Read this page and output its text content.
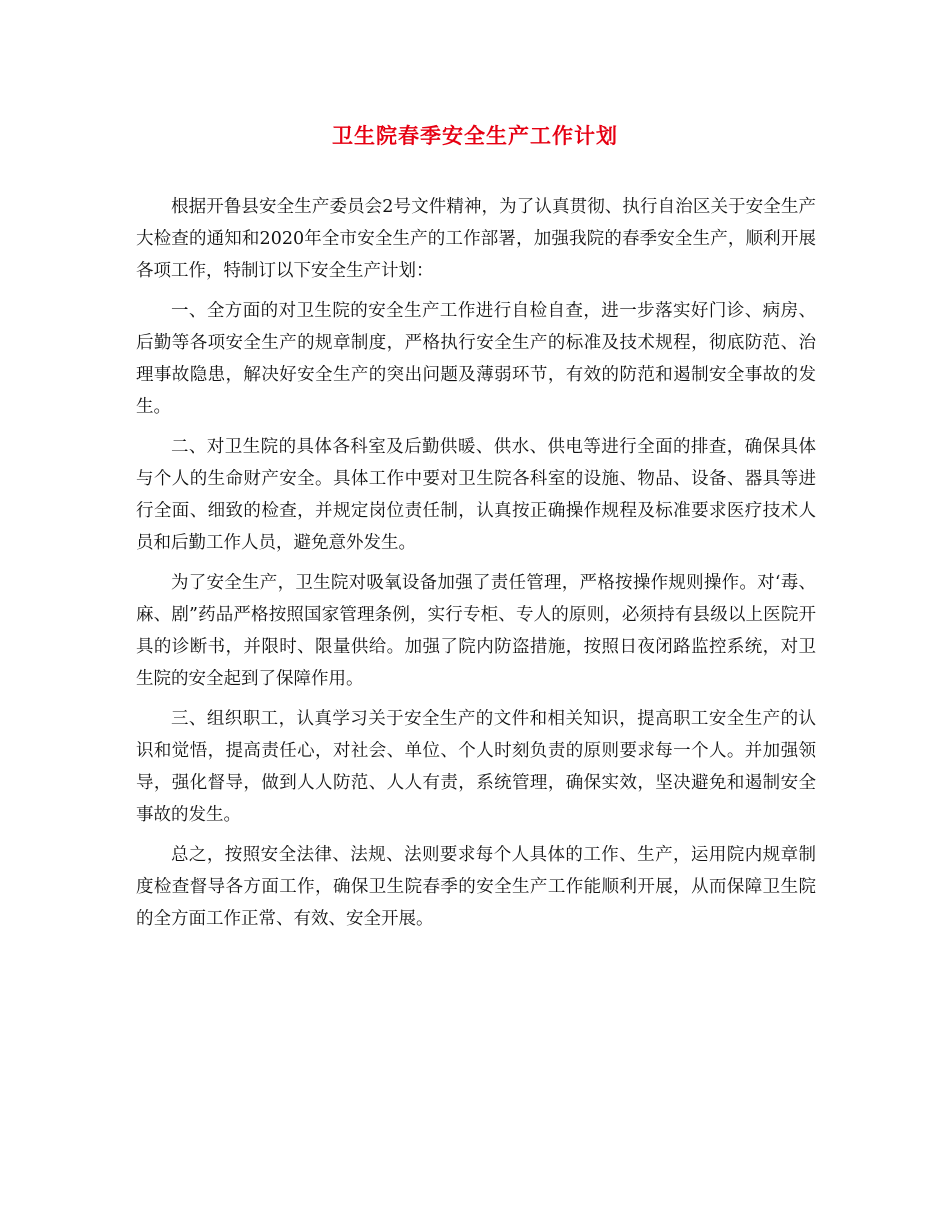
卫生院春季安全生产工作计划

根据开鲁县安全生产委员会2号文件精神，为了认真贯彻、执行自治区关于安全生产大检查的通知和2020年全市安全生产的工作部署，加强我院的春季安全生产，顺利开展各项工作，特制订以下安全生产计划：

一、全方面的对卫生院的安全生产工作进行自检自查，进一步落实好门诊、病房、后勤等各项安全生产的规章制度，严格执行安全生产的标准及技术规程，彻底防范、治理事故隐患，解决好安全生产的突出问题及薄弱环节，有效的防范和遏制安全事故的发生。

二、对卫生院的具体各科室及后勤供暖、供水、供电等进行全面的排查，确保具体与个人的生命财产安全。具体工作中要对卫生院各科室的设施、物品、设备、器具等进行全面、细致的检查，并规定岗位责任制，认真按正确操作规程及标准要求医疗技术人员和后勤工作人员，避免意外发生。

为了安全生产，卫生院对吸氧设备加强了责任管理，严格按操作规则操作。对‘毒、麻、剧”药品严格按照国家管理条例，实行专柜、专人的原则，必须持有县级以上医院开具的诊断书，并限时、限量供给。加强了院内防盗措施，按照日夜闭路监控系统，对卫生院的安全起到了保障作用。

三、组织职工，认真学习关于安全生产的文件和相关知识，提高职工安全生产的认识和觉悟，提高责任心，对社会、单位、个人时刻负责的原则要求每一个人。并加强领导，强化督导，做到人人防范、人人有责，系统管理，确保实效，坚决避免和遏制安全事故的发生。

总之，按照安全法律、法规、法则要求每个人具体的工作、生产，运用院内规章制度检查督导各方面工作，确保卫生院春季的安全生产工作能顺利开展，从而保障卫生院的全方面工作正常、有效、安全开展。
